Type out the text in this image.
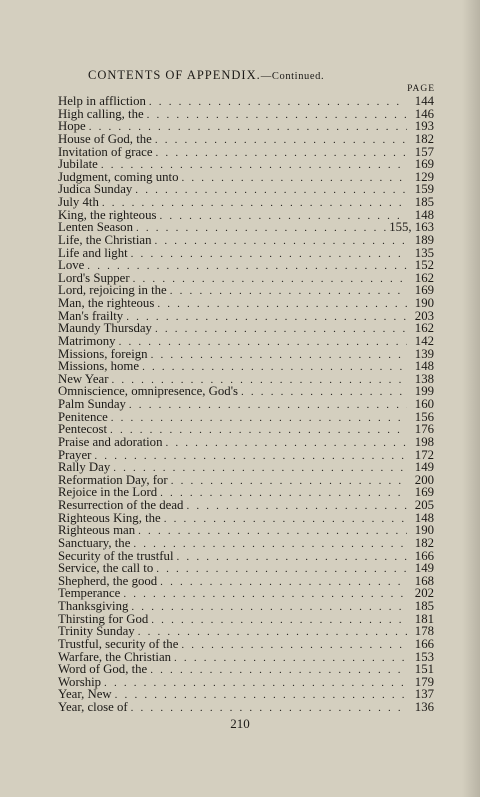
CONTENTS OF APPENDIX.—Continued.
PAGE
Help in affliction . . .	144
High calling, the . . .	146
Hope . . .	193
House of God, the . . .	182
Invitation of grace . . .	157
Jubilate . . .	169
Judgment, coming unto . . .	129
Judica Sunday . . .	159
July 4th . . .	185
King, the righteous . . .	148
Lenten Season . . .	155, 163
Life, the Christian . . .	189
Life and light . . .	135
Love . . .	152
Lord's Supper . . .	162
Lord, rejoicing in the . . .	169
Man, the righteous . . .	190
Man's frailty . . .	203
Maundy Thursday . . .	162
Matrimony . . .	142
Missions, foreign . . .	139
Missions, home . . .	148
New Year . . .	138
Omniscience, omnipresence, God's . . .	199
Palm Sunday . . .	160
Penitence . . .	156
Pentecost . . .	176
Praise and adoration . . .	198
Prayer . . .	172
Rally Day . . .	149
Reformation Day, for . . .	200
Rejoice in the Lord . . .	169
Resurrection of the dead . . .	205
Righteous King, the . . .	148
Righteous man . . .	190
Sanctuary, the . . .	182
Security of the trustful . . .	166
Service, the call to . . .	149
Shepherd, the good . . .	168
Temperance . . .	202
Thanksgiving . . .	185
Thirsting for God . . .	181
Trinity Sunday . . .	178
Trustful, security of the . . .	166
Warfare, the Christian . . .	153
Word of God, the . . .	151
Worship . . .	179
Year, New . . .	137
Year, close of . . .	136
210
